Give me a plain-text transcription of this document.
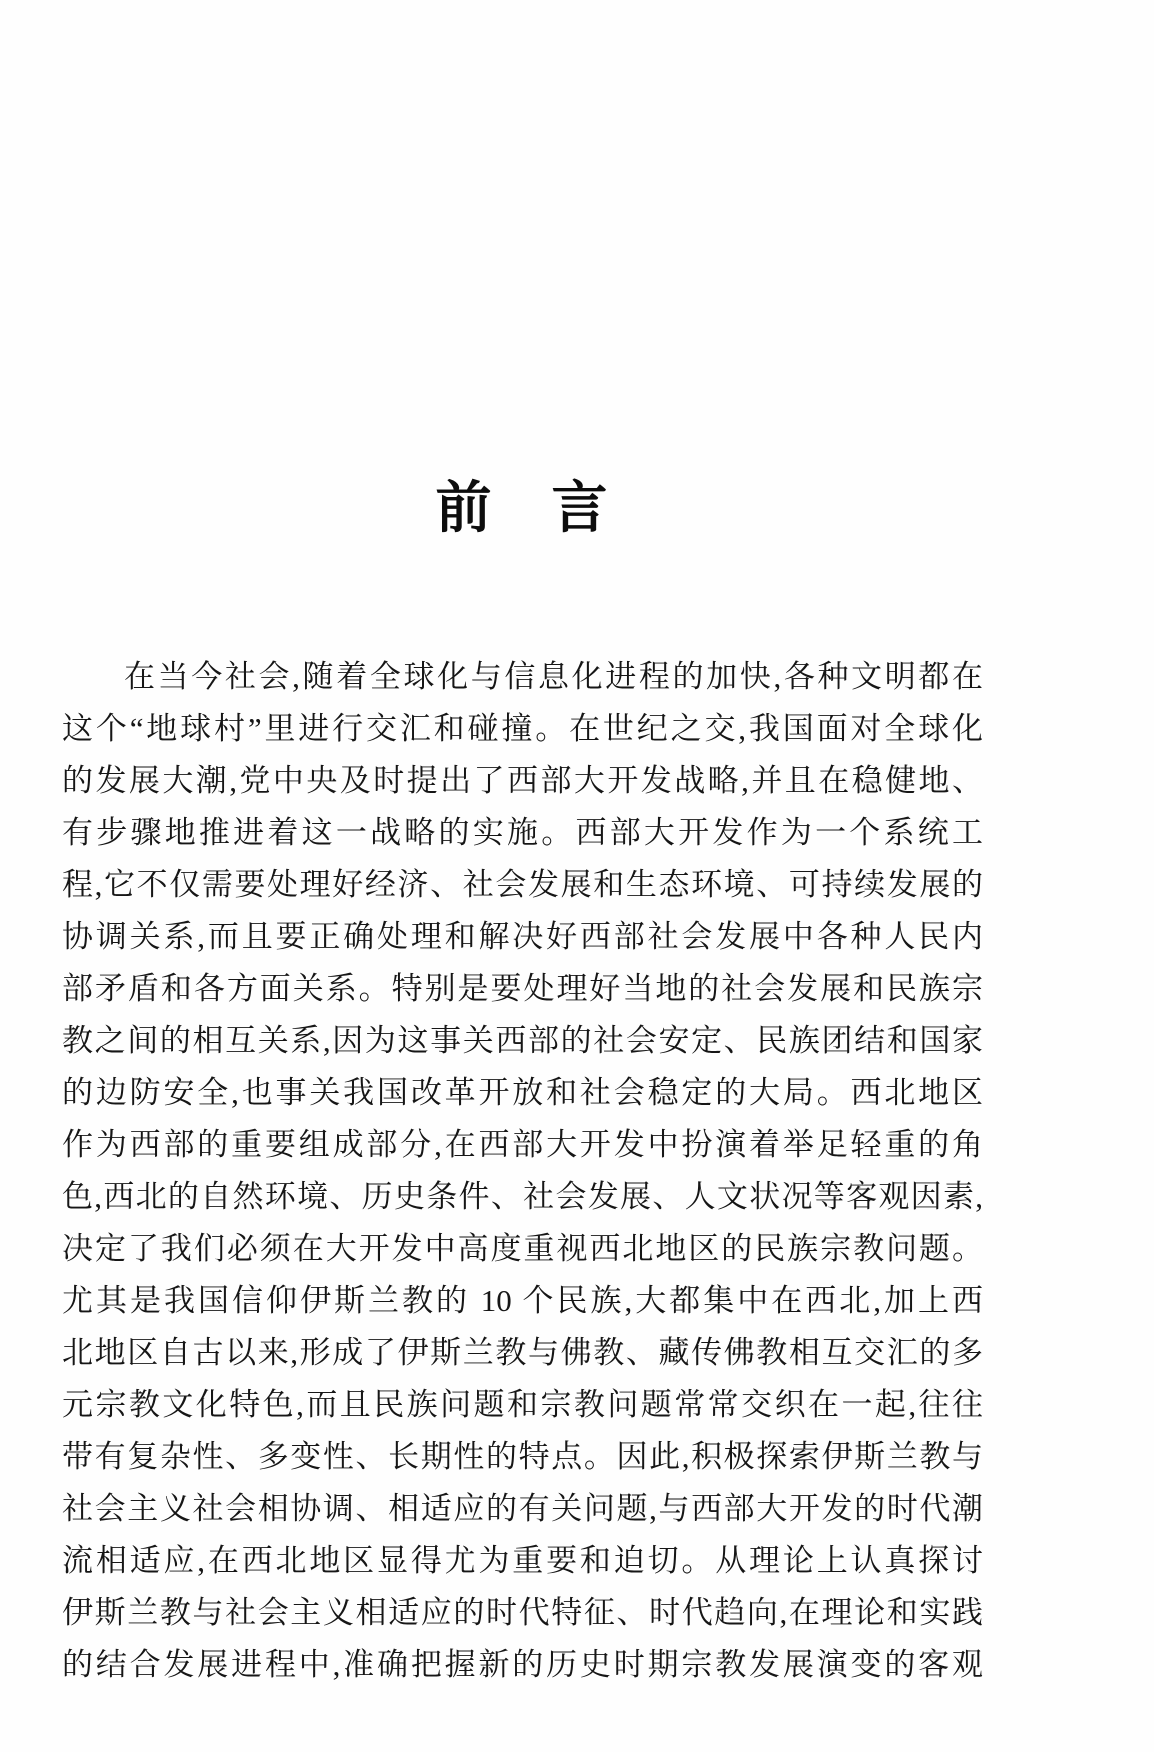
前　言
在当今社会,随着全球化与信息化进程的加快,各种文明都在
这个“地球村”里进行交汇和碰撞。在世纪之交,我国面对全球化
的发展大潮,党中央及时提出了西部大开发战略,并且在稳健地、
有步骤地推进着这一战略的实施。西部大开发作为一个系统工
程,它不仅需要处理好经济、社会发展和生态环境、可持续发展的
协调关系,而且要正确处理和解决好西部社会发展中各种人民内
部矛盾和各方面关系。特别是要处理好当地的社会发展和民族宗
教之间的相互关系,因为这事关西部的社会安定、民族团结和国家
的边防安全,也事关我国改革开放和社会稳定的大局。西北地区
作为西部的重要组成部分,在西部大开发中扮演着举足轻重的角
色,西北的自然环境、历史条件、社会发展、人文状况等客观因素,
决定了我们必须在大开发中高度重视西北地区的民族宗教问题。
尤其是我国信仰伊斯兰教的 10 个民族,大都集中在西北,加上西
北地区自古以来,形成了伊斯兰教与佛教、藏传佛教相互交汇的多
元宗教文化特色,而且民族问题和宗教问题常常交织在一起,往往
带有复杂性、多变性、长期性的特点。因此,积极探索伊斯兰教与
社会主义社会相协调、相适应的有关问题,与西部大开发的时代潮
流相适应,在西北地区显得尤为重要和迫切。从理论上认真探讨
伊斯兰教与社会主义相适应的时代特征、时代趋向,在理论和实践
的结合发展进程中,准确把握新的历史时期宗教发展演变的客观
